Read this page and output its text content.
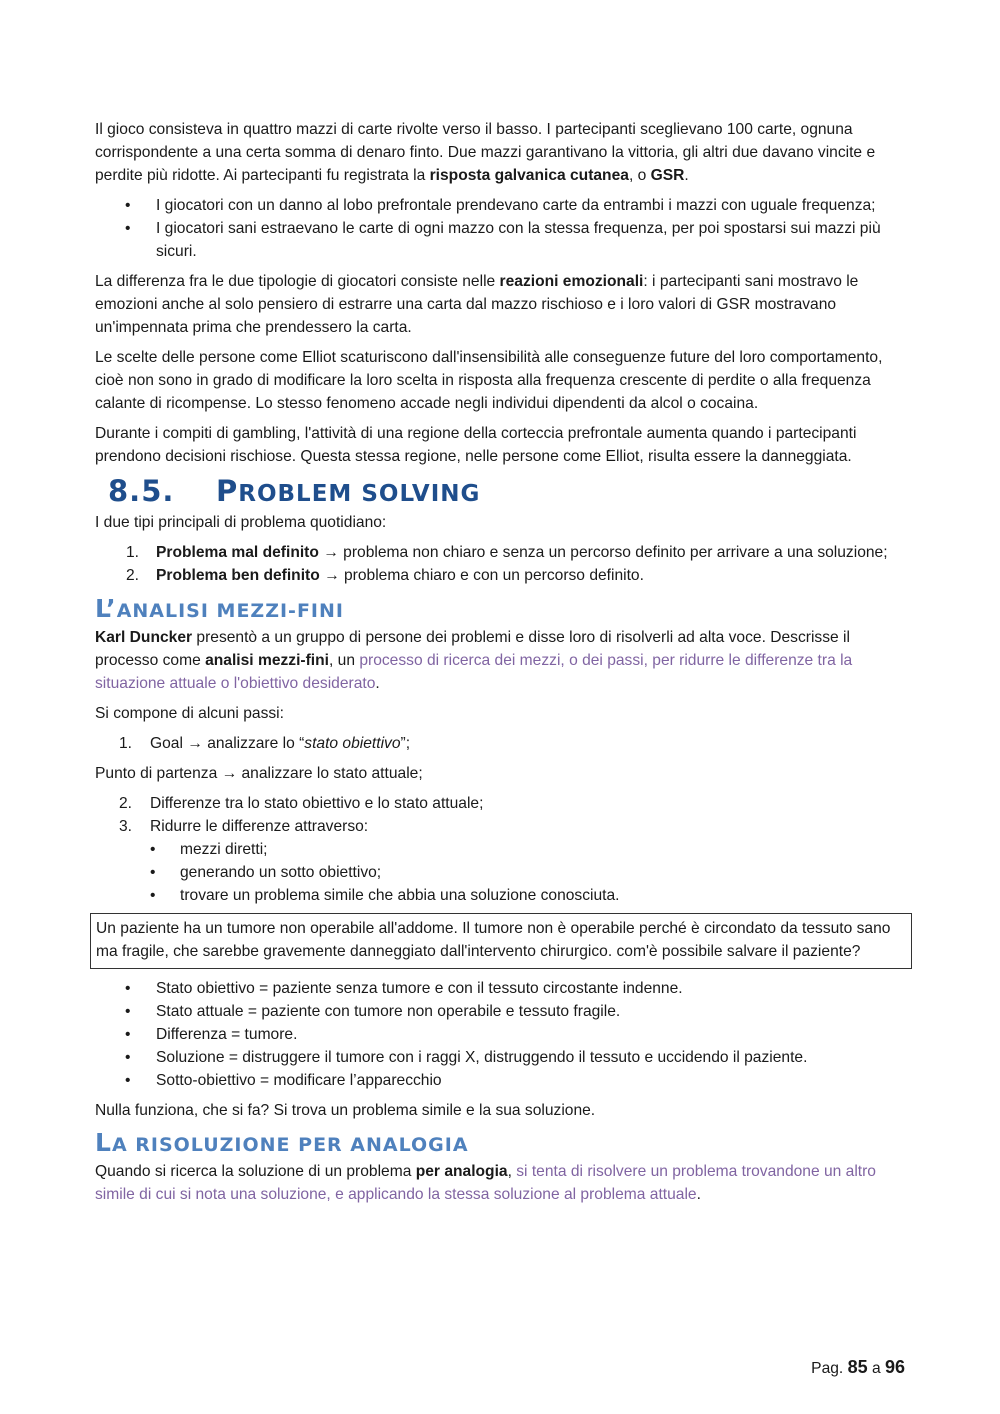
Il gioco consisteva in quattro mazzi di carte rivolte verso il basso. I partecipanti sceglievano 100 carte, ognuna corrispondente a una certa somma di denaro finto. Due mazzi garantivano la vittoria, gli altri due davano vincite e perdite più ridotte. Ai partecipanti fu registrata la risposta galvanica cutanea, o GSR.

• I giocatori con un danno al lobo prefrontale prendevano carte da entrambi i mazzi con uguale frequenza;
• I giocatori sani estraevano le carte di ogni mazzo con la stessa frequenza, per poi spostarsi sui mazzi più sicuri.

La differenza fra le due tipologie di giocatori consiste nelle reazioni emozionali: i partecipanti sani mostravo le emozioni anche al solo pensiero di estrarre una carta dal mazzo rischioso e i loro valori di GSR mostravano un'impennata prima che prendessero la carta.

Le scelte delle persone come Elliot scaturiscono dall'insensibilità alle conseguenze future del loro comportamento, cioè non sono in grado di modificare la loro scelta in risposta alla frequenza crescente di perdite o alla frequenza calante di ricompense. Lo stesso fenomeno accade negli individui dipendenti da alcol o cocaina.

Durante i compiti di gambling, l'attività di una regione della corteccia prefrontale aumenta quando i partecipanti prendono decisioni rischiose. Questa stessa regione, nelle persone come Elliot, risulta essere la danneggiata.

8.5. PROBLEM SOLVING

I due tipi principali di problema quotidiano:

1. Problema mal definito → problema non chiaro e senza un percorso definito per arrivare a una soluzione;
2. Problema ben definito → problema chiaro e con un percorso definito.
L’ANALISI MEZZI-FINI

Karl Duncker presentò a un gruppo di persone dei problemi e disse loro di risolverli ad alta voce. Descrisse il processo come analisi mezzi-fini, un processo di ricerca dei mezzi, o dei passi, per ridurre le differenze tra la situazione attuale o l'obiettivo desiderato.

Si compone di alcuni passi:

1. Goal → analizzare lo “stato obiettivo”;

Punto di partenza → analizzare lo stato attuale;

2. Differenze tra lo stato obiettivo e lo stato attuale;
3. Ridurre le differenze attraverso:
• mezzi diretti;
• generando un sotto obiettivo;
• trovare un problema simile che abbia una soluzione conosciuta.
Un paziente ha un tumore non operabile all'addome. Il tumore non è operabile perché è circondato da tessuto sano ma fragile, che sarebbe gravemente danneggiato dall'intervento chirurgico. com'è possibile salvare il paziente?
• Stato obiettivo = paziente senza tumore e con il tessuto circostante indenne.
• Stato attuale = paziente con tumore non operabile e tessuto fragile.
• Differenza = tumore.
• Soluzione = distruggere il tumore con i raggi X, distruggendo il tessuto e uccidendo il paziente.
• Sotto-obiettivo = modificare l’apparecchio

Nulla funziona, che si fa? Si trova un problema simile e la sua soluzione.

LA RISOLUZIONE PER ANALOGIA

Quando si ricerca la soluzione di un problema per analogia, si tenta di risolvere un problema trovandone un altro simile di cui si nota una soluzione, e applicando la stessa soluzione al problema attuale.

Pag. 85 a 96
